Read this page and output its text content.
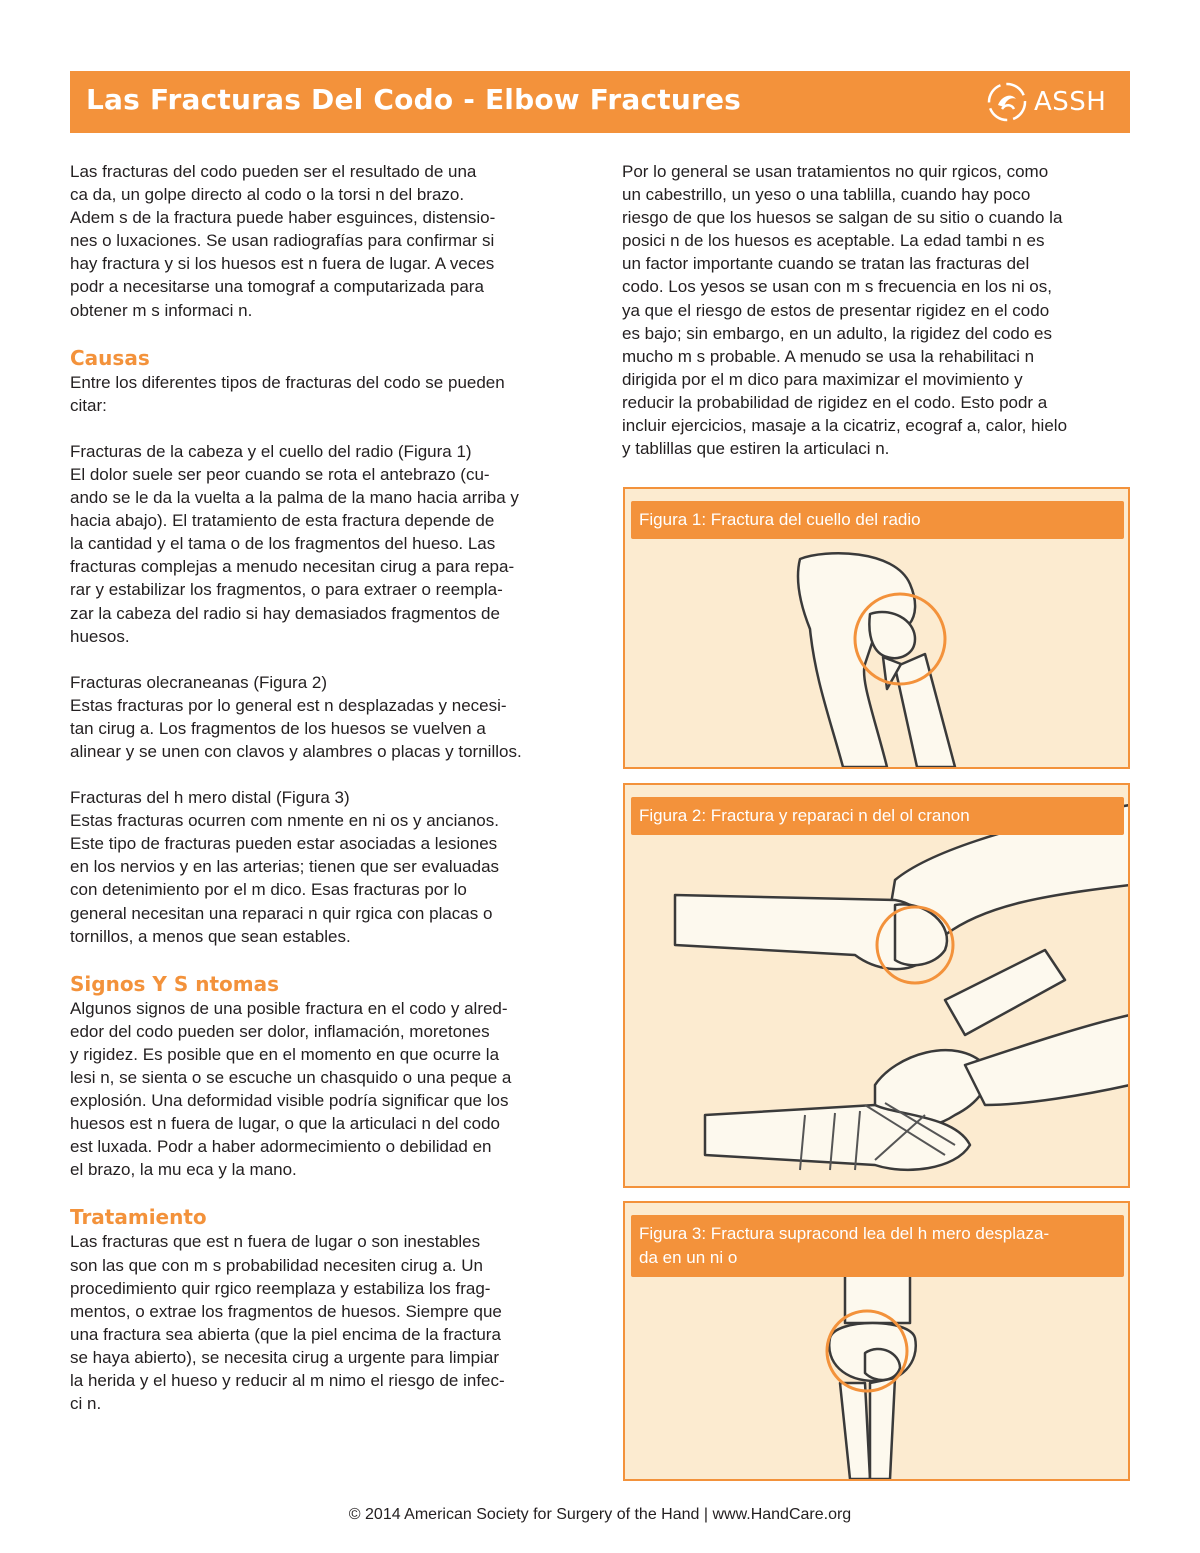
Las Fracturas Del Codo - Elbow Fractures	ASSH
Las fracturas del codo pueden ser el resultado de una
ca da, un golpe directo al codo o la torsi n del brazo.
Adem s de la fractura puede haber esguinces, distensio-
nes o luxaciones. Se usan radiografías para confirmar si
hay fractura y si los huesos est n fuera de lugar. A veces
podr a necesitarse una tomograf a computarizada para
obtener m s informaci n.
Causas
Entre los diferentes tipos de fracturas del codo se pueden
citar:
Fracturas de la cabeza y el cuello del radio (Figura 1)
El dolor suele ser peor cuando se rota el antebrazo (cu-
ando se le da la vuelta a la palma de la mano hacia arriba y
hacia abajo). El tratamiento de esta fractura depende de
la cantidad y el tama o de los fragmentos del hueso. Las
fracturas complejas a menudo necesitan cirug a para repa-
rar y estabilizar los fragmentos, o para extraer o reempla-
zar la cabeza del radio si hay demasiados fragmentos de
huesos.
Fracturas olecraneanas (Figura 2)
Estas fracturas por lo general est n desplazadas y necesi-
tan cirug a. Los fragmentos de los huesos se vuelven a
alinear y se unen con clavos y alambres o placas y tornillos.
Fracturas del h mero distal (Figura 3)
Estas fracturas ocurren com nmente en ni os y ancianos.
Este tipo de fracturas pueden estar asociadas a lesiones
en los nervios y en las arterias; tienen que ser evaluadas
con detenimiento por el m dico. Esas fracturas por lo
general necesitan una reparaci n quir rgica con placas o
tornillos, a menos que sean estables.
Signos Y S ntomas
Algunos signos de una posible fractura en el codo y alred-
edor del codo pueden ser dolor, inflamación, moretones
y rigidez. Es posible que en el momento en que ocurre la
lesi n, se sienta o se escuche un chasquido o una peque a
explosión. Una deformidad visible podría significar que los
huesos est n fuera de lugar, o que la articulaci n del codo
est luxada. Podr a haber adormecimiento o debilidad en
el brazo, la mu eca y la mano.
Tratamiento
Las fracturas que est n fuera de lugar o son inestables
son las que con m s probabilidad necesiten cirug a. Un
procedimiento quir rgico reemplaza y estabiliza los frag-
mentos, o extrae los fragmentos de huesos. Siempre que
una fractura sea abierta (que la piel encima de la fractura
se haya abierto), se necesita cirug a urgente para limpiar
la herida y el hueso y reducir al m nimo el riesgo de infec-
ci n.
Por lo general se usan tratamientos no quir rgicos, como
un cabestrillo, un yeso o una tablilla, cuando hay poco
riesgo de que los huesos se salgan de su sitio o cuando la
posici n de los huesos es aceptable. La edad tambi n es
un factor importante cuando se tratan las fracturas del
codo. Los yesos se usan con m s frecuencia en los ni os,
ya que el riesgo de estos de presentar rigidez en el codo
es bajo; sin embargo, en un adulto, la rigidez del codo es
mucho m s probable. A menudo se usa la rehabilitaci n
dirigida por el m dico para maximizar el movimiento y
reducir la probabilidad de rigidez en el codo. Esto podr a
incluir ejercicios, masaje a la cicatriz, ecograf a, calor, hielo
y tablillas que estiren la articulaci n.
Figura 1: Fractura del cuello del radio
Figura 2: Fractura y reparaci n del ol cranon
Figura 3: Fractura supracond lea del h mero desplaza-
da en un ni o
© 2014 American Society for Surgery of the Hand | www.HandCare.org
